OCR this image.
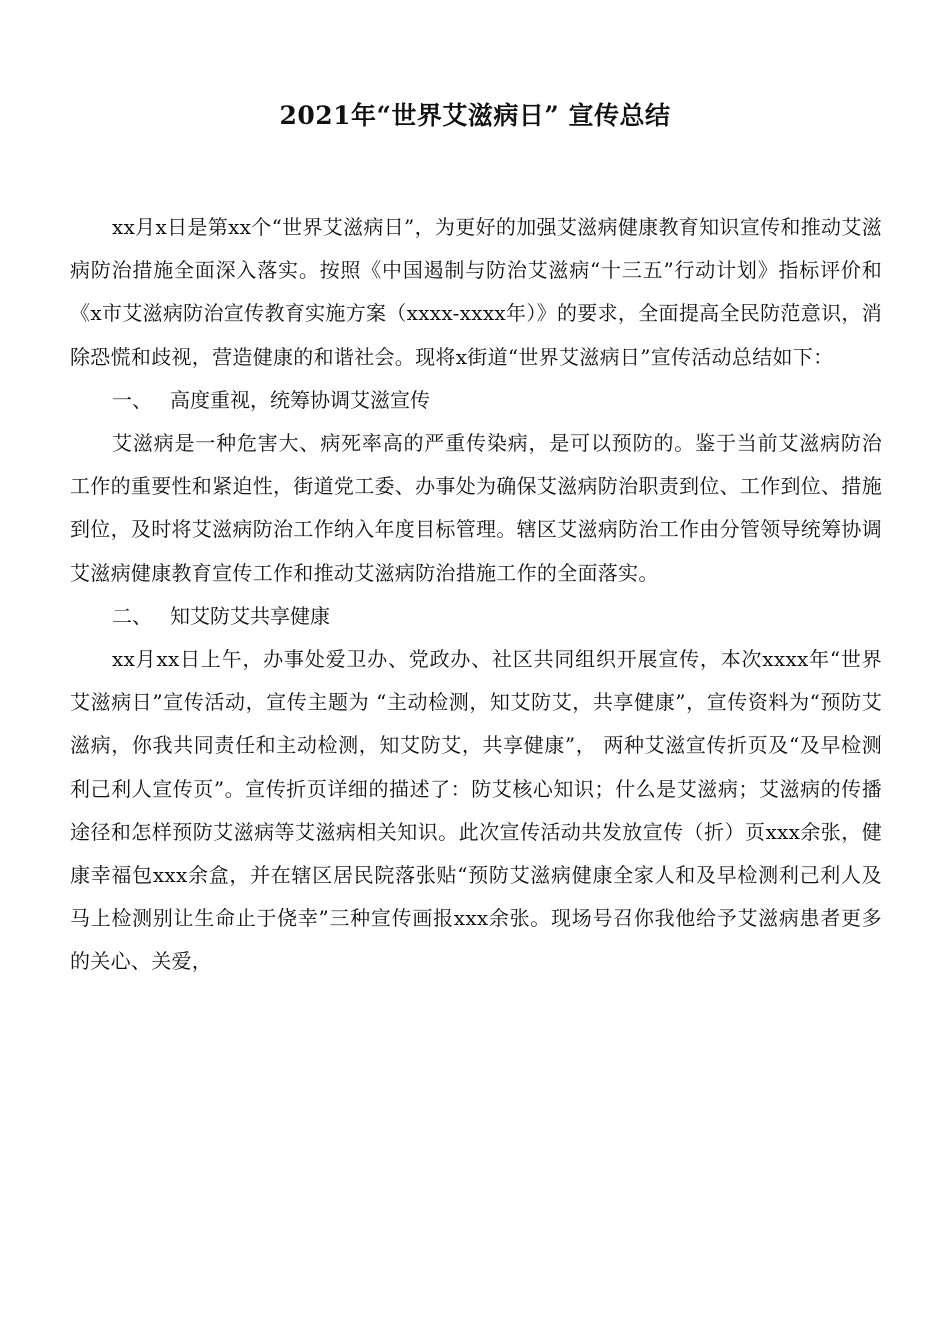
2021年“世界艾滋病日” 宣传总结

xx月x日是第xx个“世界艾滋病日”，为更好的加强艾滋病健康教育知识宣传和推动艾滋病防治措施全面深入落实。按照《中国遏制与防治艾滋病“十三五”行动计划》指标评价和《x市艾滋病防治宣传教育实施方案（xxxx-xxxx年）》的要求，全面提高全民防范意识，消除恐慌和歧视，营造健康的和谐社会。现将x街道“世界艾滋病日”宣传活动总结如下：

一、 高度重视，统筹协调艾滋宣传

艾滋病是一种危害大、病死率高的严重传染病，是可以预防的。鉴于当前艾滋病防治工作的重要性和紧迫性，街道党工委、办事处为确保艾滋病防治职责到位、工作到位、措施到位，及时将艾滋病防治工作纳入年度目标管理。辖区艾滋病防治工作由分管领导统筹协调艾滋病健康教育宣传工作和推动艾滋病防治措施工作的全面落实。

二、 知艾防艾共享健康

xx月xx日上午，办事处爱卫办、党政办、社区共同组织开展宣传，本次xxxx年“世界艾滋病日”宣传活动，宣传主题为 “主动检测，知艾防艾，共享健康”，宣传资料为“预防艾滋病，你我共同责任和主动检测，知艾防艾，共享健康”， 两种艾滋宣传折页及“及早检测利己利人宣传页”。宣传折页详细的描述了：防艾核心知识；什么是艾滋病；艾滋病的传播途径和怎样预防艾滋病等艾滋病相关知识。此次宣传活动共发放宣传（折）页xxx余张，健康幸福包xxx余盒，并在辖区居民院落张贴“预防艾滋病健康全家人和及早检测利己利人及马上检测别让生命止于侥幸”三种宣传画报xxx余张。现场号召你我他给予艾滋病患者更多的关心、关爱，
